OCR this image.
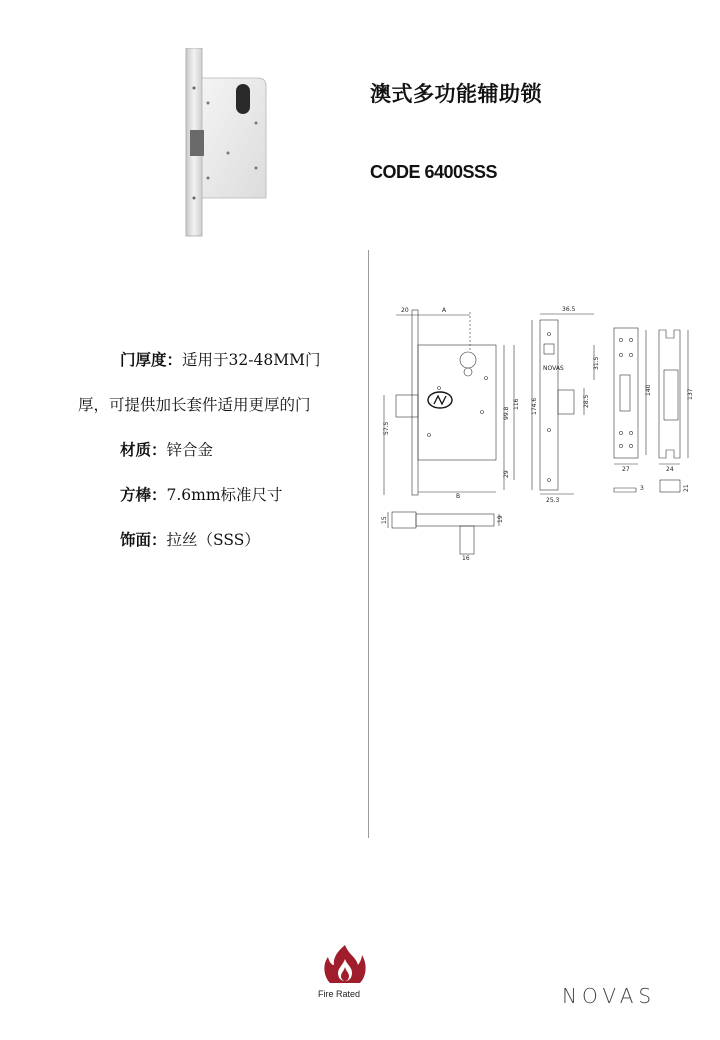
澳式多功能辅助锁
CODE 6400SSS
门厚度：适用于32-48MM门
厚，可提供加长套件适用更厚的门
材质：锌合金
方棒：7.6mm标准尺寸
饰面：拉丝（SSS）
20	A
57.5
99.8
116
29
B
15	19
16
NOVAS
36.5
31.5
174.6	28.5
25.3
140
27
137
24
3	21
Fire Rated	NOVAS
